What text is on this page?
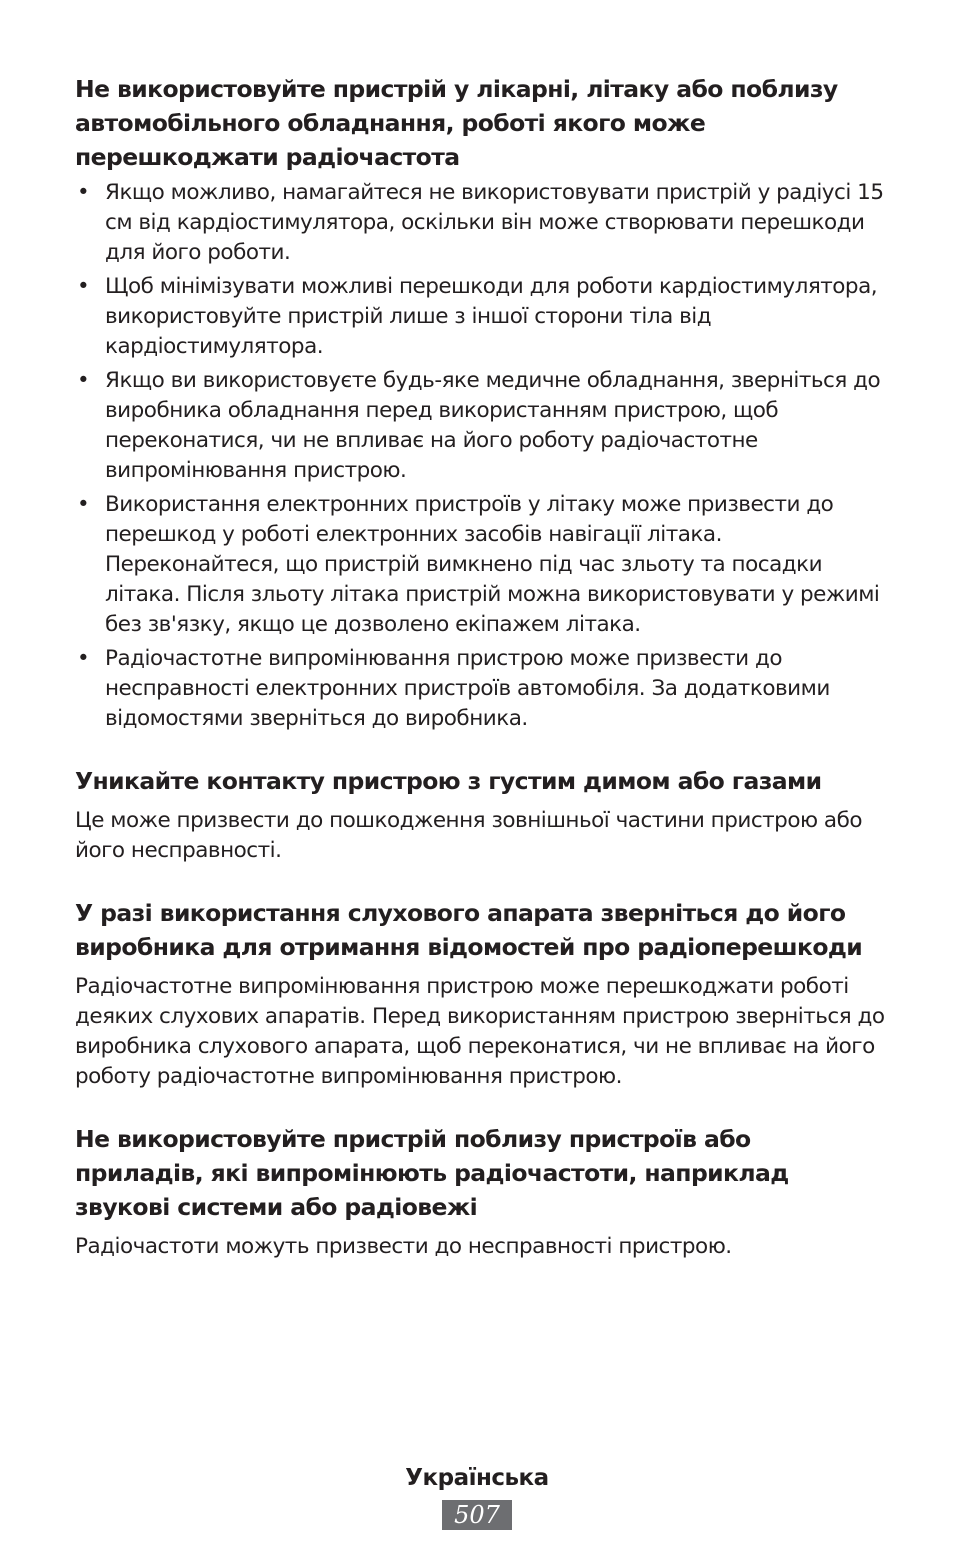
Не використовуйте пристрій у лікарні, літаку або поблизу автомобільного обладнання, роботі якого може перешкоджати радіочастота
• Якщо можливо, намагайтеся не використовувати пристрій у радіусі 15 см від кардіостимулятора, оскільки він може створювати перешкоди для його роботи.
• Щоб мінімізувати можливі перешкоди для роботи кардіостимулятора, використовуйте пристрій лише з іншої сторони тіла від кардіостимулятора.
• Якщо ви використовуєте будь-яке медичне обладнання, зверніться до виробника обладнання перед використанням пристрою, щоб переконатися, чи не впливає на його роботу радіочастотне випромінювання пристрою.
• Використання електронних пристроїв у літаку може призвести до перешкод у роботі електронних засобів навігації літака. Переконайтеся, що пристрій вимкнено під час зльоту та посадки літака. Після зльоту літака пристрій можна використовувати у режимі без зв'язку, якщо це дозволено екіпажем літака.
• Радіочастотне випромінювання пристрою може призвести до несправності електронних пристроїв автомобіля. За додатковими відомостями зверніться до виробника.
Уникайте контакту пристрою з густим димом або газами

Це може призвести до пошкодження зовнішньої частини пристрою або його несправності.

У разі використання слухового апарата зверніться до його виробника для отримання відомостей про радіоперешкоди

Радіочастотне випромінювання пристрою може перешкоджати роботі деяких слухових апаратів. Перед використанням пристрою зверніться до виробника слухового апарата, щоб переконатися, чи не впливає на його роботу радіочастотне випромінювання пристрою.

Не використовуйте пристрій поблизу пристроїв або приладів, які випромінюють радіочастоти, наприклад звукові системи або радіовежі

Радіочастоти можуть призвести до несправності пристрою.

Українська
507
